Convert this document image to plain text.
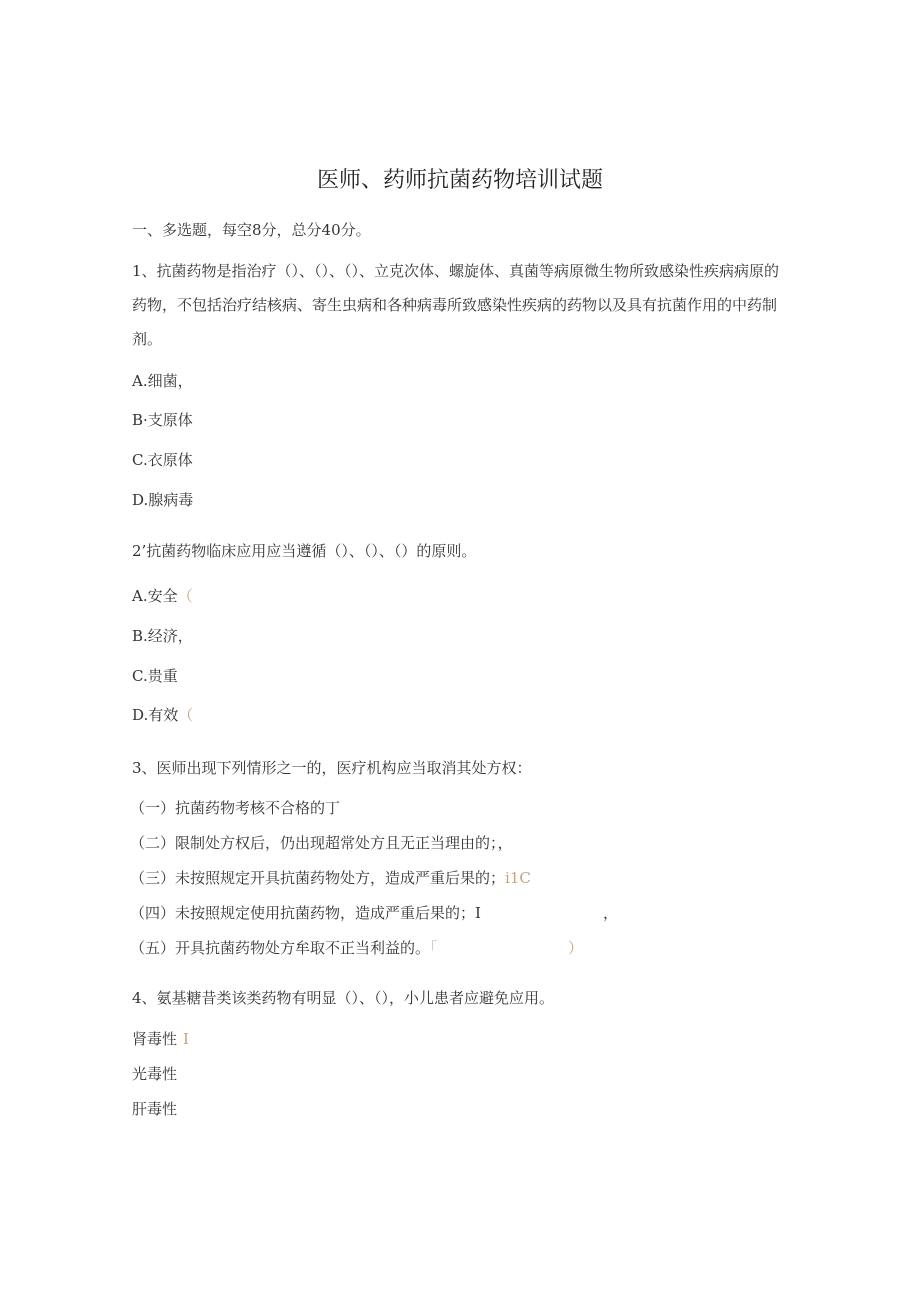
医师、药师抗菌药物培训试题
一、多选题，每空8分，总分40分。
1、抗菌药物是指治疗（）、（）、（）、立克次体、螺旋体、真菌等病原微生物所致感染性疾病病原的药物，不包括治疗结核病、寄生虫病和各种病毒所致感染性疾病的药物以及具有抗菌作用的中药制剂。
A.细菌，
B·支原体
C.衣原体
D.腺病毒
2’抗菌药物临床应用应当遵循（）、（）、（）的原则。
A.安全（
B.经济，
C.贵重
D.有效（
3、医师出现下列情形之一的，医疗机构应当取消其处方权：
（一）抗菌药物考核不合格的丁
（二）限制处方权后，仍出现超常处方且无正当理由的；，
（三）未按照规定开具抗菌药物处方，造成严重后果的；i1C
（四）未按照规定使用抗菌药物，造成严重后果的；I	，
（五）开具抗菌药物处方牟取不正当利益的。「	）
4、氨基糖昔类该类药物有明显（）、（），小儿患者应避免应用。
肾毒性 I
光毒性
肝毒性
